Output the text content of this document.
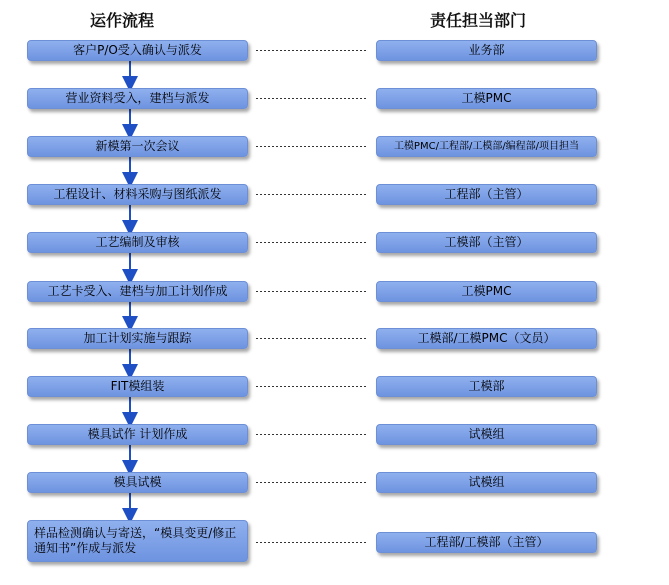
运作流程	责任担当部门
客户P/O受入确认与派发
营业资料受入，建档与派发
新模第一次会议
工程设计、材料采购与图纸派发
工艺编制及审核
工艺卡受入、建档与加工计划作成
加工计划实施与跟踪
FIT模组装
模具试作 计划作成
模具试模
样品检测确认与寄送，“模具变更/修正通知书”作成与派发
业务部
工模PMC
工模PMC/工程部/工模部/编程部/项目担当
工程部（主管）
工模部（主管）
工模PMC
工模部/工模PMC（文员）
工模部
试模组
试模组
工程部/工模部（主管）
